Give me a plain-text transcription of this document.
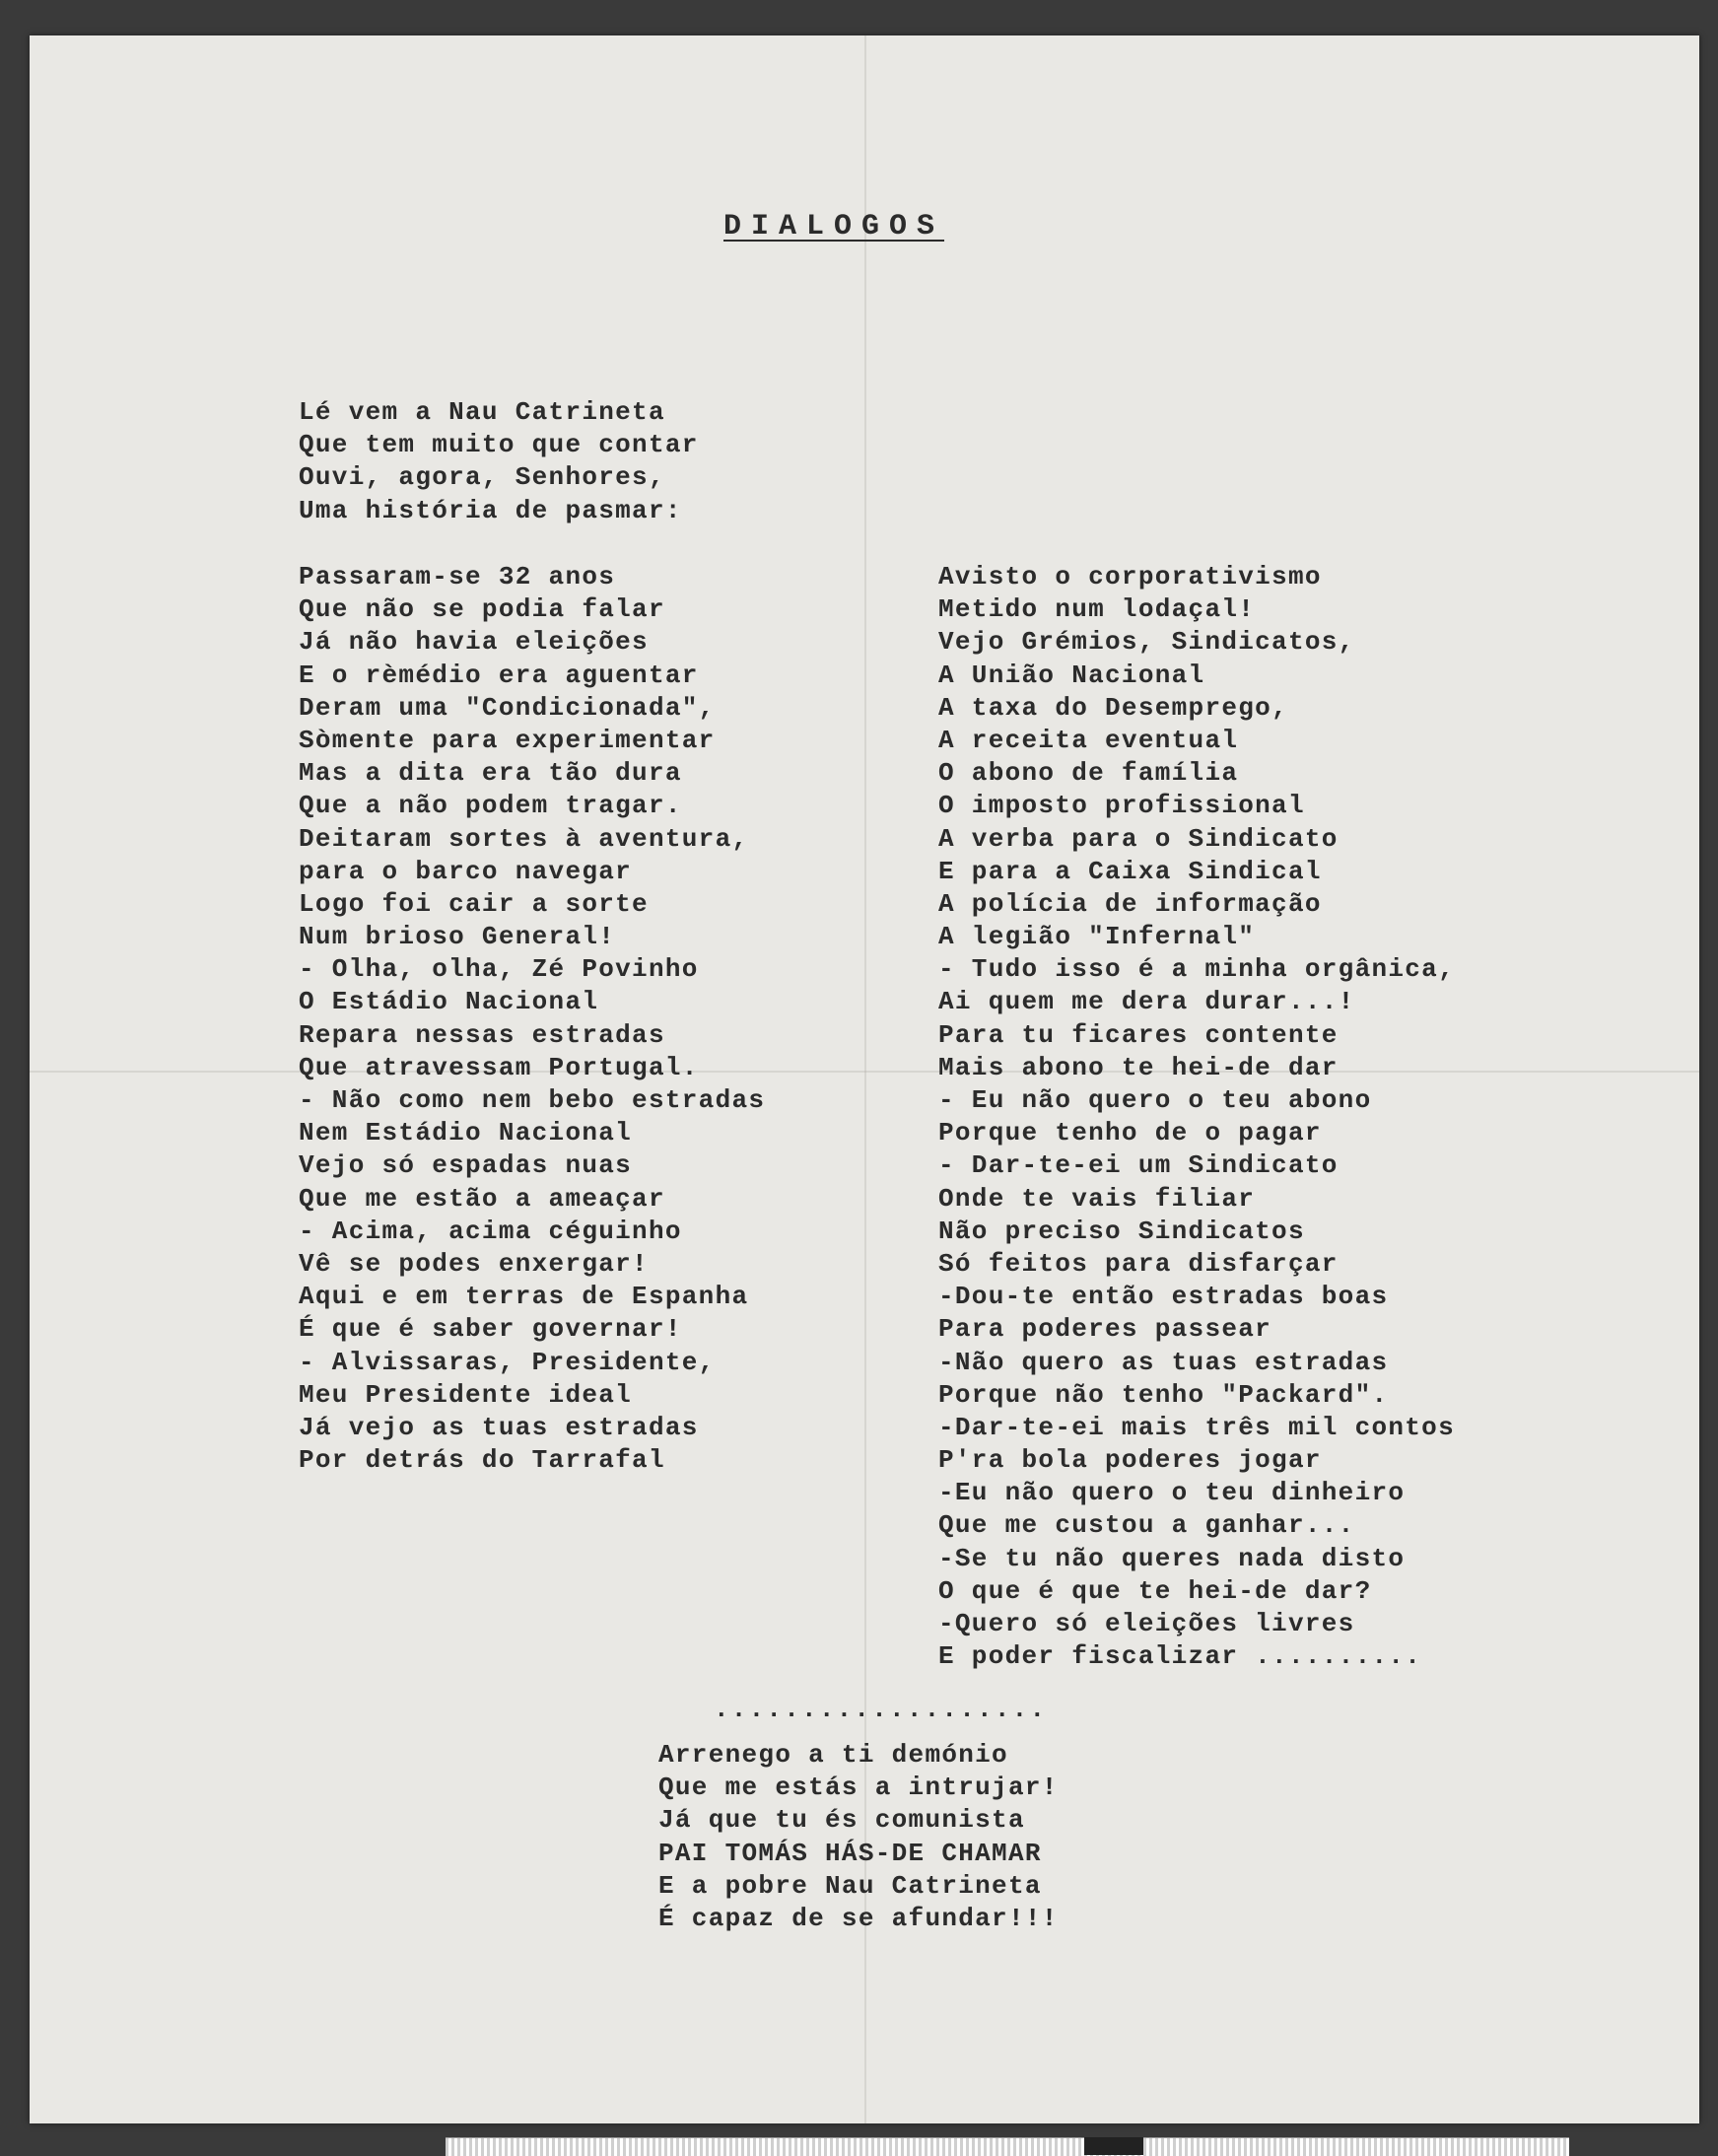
DIALOGOS
Lé vem a Nau Catrineta
Que tem muito que contar
Ouvi, agora, Senhores,
Uma história de pasmar:
Passaram-se 32 anos
Que não se podia falar
Já não havia eleições
E o rèmédio era aguentar
Deram uma "Condicionada",
Sòmente para experimentar
Mas a dita era tão dura
Que a não podem tragar.
Deitaram sortes à aventura,
para o barco navegar
Logo foi cair a sorte
Num brioso General!
- Olha, olha, Zé Povinho
O Estádio Nacional
Repara nessas estradas
Que atravessam Portugal.
- Não como nem bebo estradas
Nem Estádio Nacional
Vejo só espadas nuas
Que me estão a ameaçar
- Acima, acima céguinho
Vê se podes enxergar!
Aqui e em terras de Espanha
É que é saber governar!
- Alvissaras, Presidente,
Meu Presidente ideal
Já vejo as tuas estradas
Por detrás do Tarrafal
Avisto o corporativismo
Metido num lodaçal!
Vejo Grémios, Sindicatos,
A União Nacional
A taxa do Desemprego,
A receita eventual
O abono de família
O imposto profissional
A verba para o Sindicato
E para a Caixa Sindical
A polícia de informação
A legião "Infernal"
- Tudo isso é a minha orgânica,
Ai quem me dera durar...!
Para tu ficares contente
Mais abono te hei-de dar
- Eu não quero o teu abono
Porque tenho de o pagar
- Dar-te-ei um Sindicato
Onde te vais filiar
Não preciso Sindicatos
Só feitos para disfarçar
-Dou-te então estradas boas
Para poderes passear
-Não quero as tuas estradas
Porque não tenho "Packard".
-Dar-te-ei mais três mil contos
P'ra bola poderes jogar
-Eu não quero o teu dinheiro
Que me custou a ganhar...
-Se tu não queres nada disto
O que é que te hei-de dar?
-Quero só eleições livres
E poder fiscalizar ..........
...................
Arrenego a ti demónio
Que me estás a intrujar!
Já que tu és comunista
PAI TOMÁS HÁS-DE CHAMAR
E a pobre Nau Catrineta
É capaz de se afundar!!!
